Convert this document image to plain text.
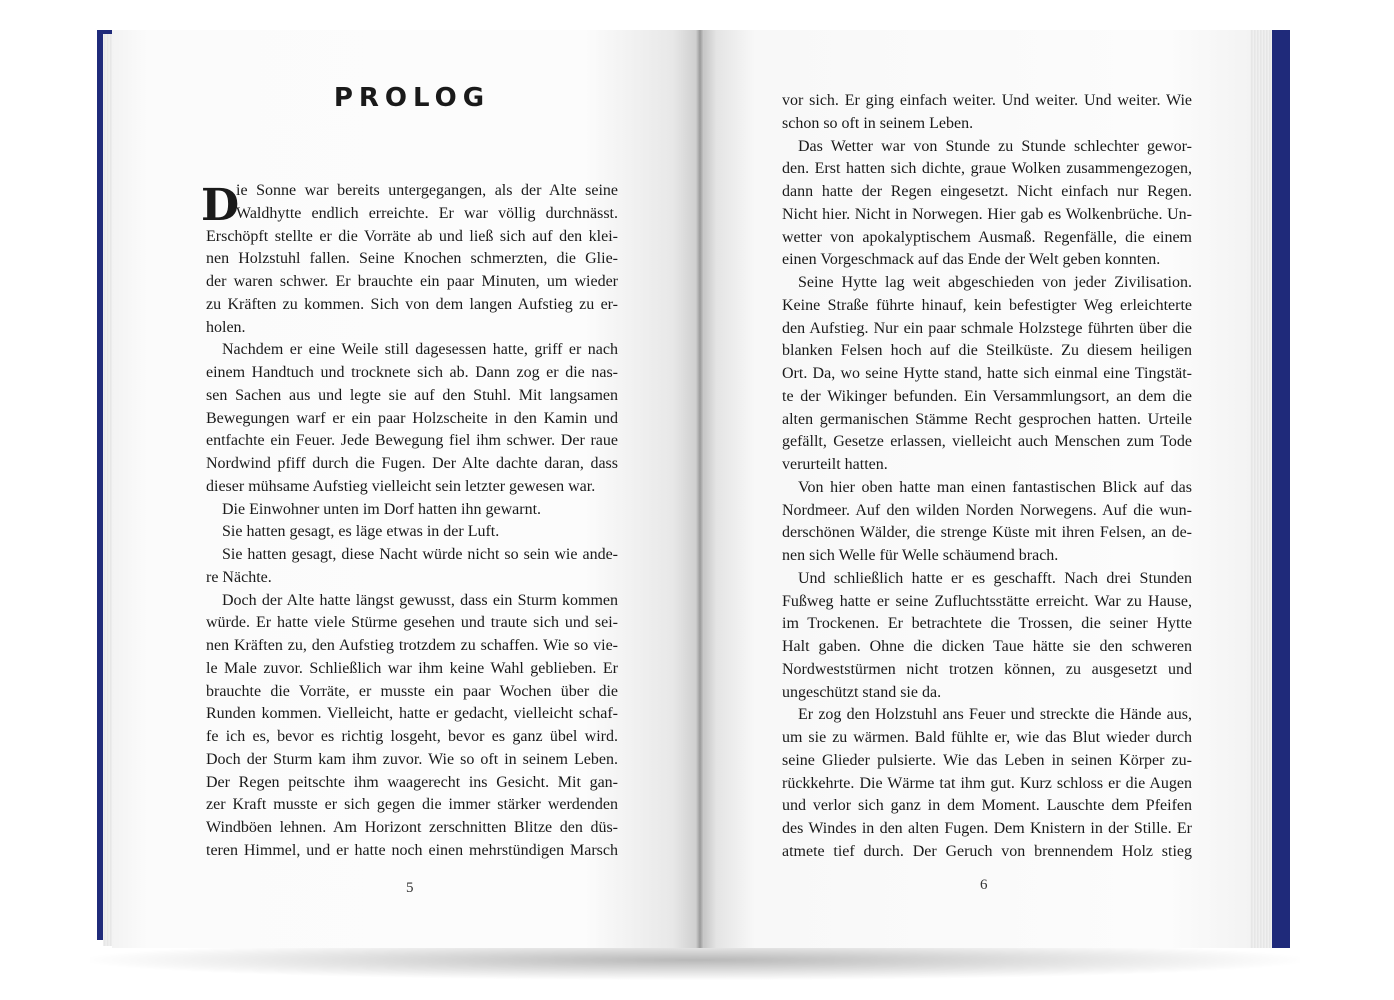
PROLOG
D
ie Sonne war bereits untergegangen, als der Alte seine
Waldhytte endlich erreichte. Er war völlig durchnässt.
Erschöpft stellte er die Vorräte ab und ließ sich auf den klei-
nen Holzstuhl fallen. Seine Knochen schmerzten, die Glie-
der waren schwer. Er brauchte ein paar Minuten, um wieder
zu Kräften zu kommen. Sich von dem langen Aufstieg zu er-
holen.
Nachdem er eine Weile still dagesessen hatte, griff er nach
einem Handtuch und trocknete sich ab. Dann zog er die nas-
sen Sachen aus und legte sie auf den Stuhl. Mit langsamen
Bewegungen warf er ein paar Holzscheite in den Kamin und
entfachte ein Feuer. Jede Bewegung fiel ihm schwer. Der raue
Nordwind pfiff durch die Fugen. Der Alte dachte daran, dass
dieser mühsame Aufstieg vielleicht sein letzter gewesen war.
Die Einwohner unten im Dorf hatten ihn gewarnt.
Sie hatten gesagt, es läge etwas in der Luft.
Sie hatten gesagt, diese Nacht würde nicht so sein wie ande-
re Nächte.
Doch der Alte hatte längst gewusst, dass ein Sturm kommen
würde. Er hatte viele Stürme gesehen und traute sich und sei-
nen Kräften zu, den Aufstieg trotzdem zu schaffen. Wie so vie-
le Male zuvor. Schließlich war ihm keine Wahl geblieben. Er
brauchte die Vorräte, er musste ein paar Wochen über die
Runden kommen. Vielleicht, hatte er gedacht, vielleicht schaf-
fe ich es, bevor es richtig losgeht, bevor es ganz übel wird.
Doch der Sturm kam ihm zuvor. Wie so oft in seinem Leben.
Der Regen peitschte ihm waagerecht ins Gesicht. Mit gan-
zer Kraft musste er sich gegen die immer stärker werdenden
Windböen lehnen. Am Horizont zerschnitten Blitze den düs-
teren Himmel, und er hatte noch einen mehrstündigen Marsch
vor sich. Er ging einfach weiter. Und weiter. Und weiter. Wie
schon so oft in seinem Leben.
Das Wetter war von Stunde zu Stunde schlechter gewor-
den. Erst hatten sich dichte, graue Wolken zusammengezogen,
dann hatte der Regen eingesetzt. Nicht einfach nur Regen.
Nicht hier. Nicht in Norwegen. Hier gab es Wolkenbrüche. Un-
wetter von apokalyptischem Ausmaß. Regenfälle, die einem
einen Vorgeschmack auf das Ende der Welt geben konnten.
Seine Hytte lag weit abgeschieden von jeder Zivilisation.
Keine Straße führte hinauf, kein befestigter Weg erleichterte
den Aufstieg. Nur ein paar schmale Holzstege führten über die
blanken Felsen hoch auf die Steilküste. Zu diesem heiligen
Ort. Da, wo seine Hytte stand, hatte sich einmal eine Tingstät-
te der Wikinger befunden. Ein Versammlungsort, an dem die
alten germanischen Stämme Recht gesprochen hatten. Urteile
gefällt, Gesetze erlassen, vielleicht auch Menschen zum Tode
verurteilt hatten.
Von hier oben hatte man einen fantastischen Blick auf das
Nordmeer. Auf den wilden Norden Norwegens. Auf die wun-
derschönen Wälder, die strenge Küste mit ihren Felsen, an de-
nen sich Welle für Welle schäumend brach.
Und schließlich hatte er es geschafft. Nach drei Stunden
Fußweg hatte er seine Zufluchtsstätte erreicht. War zu Hause,
im Trockenen. Er betrachtete die Trossen, die seiner Hytte
Halt gaben. Ohne die dicken Taue hätte sie den schweren
Nordweststürmen nicht trotzen können, zu ausgesetzt und
ungeschützt stand sie da.
Er zog den Holzstuhl ans Feuer und streckte die Hände aus,
um sie zu wärmen. Bald fühlte er, wie das Blut wieder durch
seine Glieder pulsierte. Wie das Leben in seinen Körper zu-
rückkehrte. Die Wärme tat ihm gut. Kurz schloss er die Augen
und verlor sich ganz in dem Moment. Lauschte dem Pfeifen
des Windes in den alten Fugen. Dem Knistern in der Stille. Er
atmete tief durch. Der Geruch von brennendem Holz stieg
5	6
